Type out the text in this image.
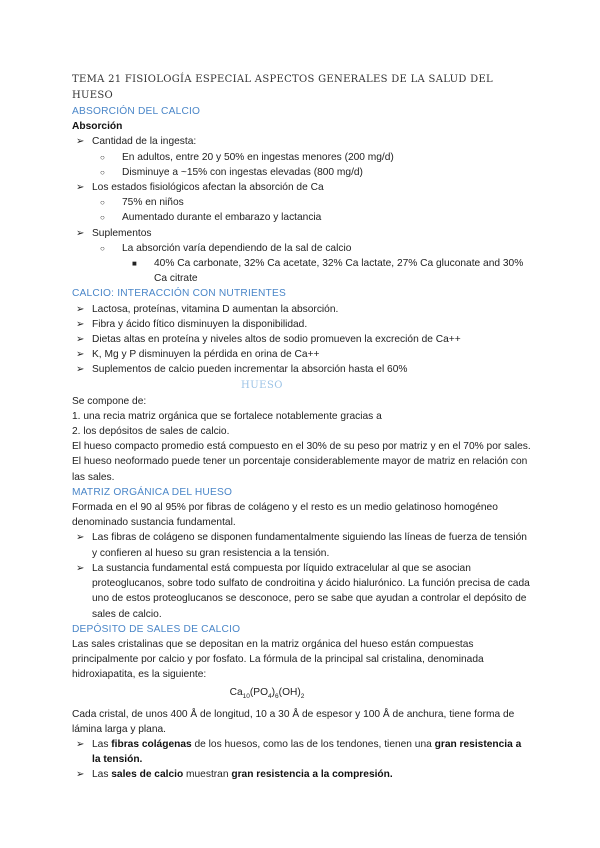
TEMA 21 FISIOLOGÍA ESPECIAL ASPECTOS GENERALES DE LA SALUD DEL HUESO
ABSORCIÓN DEL CALCIO
Absorción
➢ Cantidad de la ingesta:
○ En adultos, entre 20 y 50% en ingestas menores (200 mg/d)
○ Disminuye a ~15% con ingestas elevadas (800 mg/d)
➢ Los estados fisiológicos afectan la absorción de Ca
○ 75% en niños
○ Aumentado durante el embarazo y lactancia
➢ Suplementos
○ La absorción varía dependiendo de la sal de calcio
■ 40% Ca carbonate, 32% Ca acetate, 32% Ca lactate, 27% Ca gluconate and 30% Ca citrate
CALCIO: INTERACCIÓN CON NUTRIENTES
➢ Lactosa, proteínas, vitamina D aumentan la absorción.
➢ Fibra y ácido fítico disminuyen la disponibilidad.
➢ Dietas altas en proteína y niveles altos de sodio promueven la excreción de Ca++
➢ K, Mg y P disminuyen la pérdida en orina de Ca++
➢ Suplementos de calcio pueden incrementar la absorción hasta el 60%
HUESO
Se compone de:
1. una recia matriz orgánica que se fortalece notablemente gracias a
2. los depósitos de sales de calcio.
El hueso compacto promedio está compuesto en el 30% de su peso por matriz y en el 70% por sales. El hueso neoformado puede tener un porcentaje considerablemente mayor de matriz en relación con las sales.
MATRIZ ORGÁNICA DEL HUESO
Formada en el 90 al 95% por fibras de colágeno y el resto es un medio gelatinoso homogéneo denominado sustancia fundamental.
➢ Las fibras de colágeno se disponen fundamentalmente siguiendo las líneas de fuerza de tensión y confieren al hueso su gran resistencia a la tensión.
➢ La sustancia fundamental está compuesta por líquido extracelular al que se asocian proteoglucanos, sobre todo sulfato de condroitina y ácido hialurónico. La función precisa de cada uno de estos proteoglucanos se desconoce, pero se sabe que ayudan a controlar el depósito de sales de calcio.
DEPÓSITO DE SALES DE CALCIO
Las sales cristalinas que se depositan en la matriz orgánica del hueso están compuestas principalmente por calcio y por fosfato. La fórmula de la principal sal cristalina, denominada hidroxiapatita, es la siguiente:
$Ca_{10}(PO_4)_6(OH)_2$
Cada cristal, de unos 400 Å de longitud, 10 a 30 Å de espesor y 100 Å de anchura, tiene forma de lámina larga y plana.
➢ Las fibras colágenas de los huesos, como las de los tendones, tienen una gran resistencia a la tensión.
➢ Las sales de calcio muestran gran resistencia a la compresión.
